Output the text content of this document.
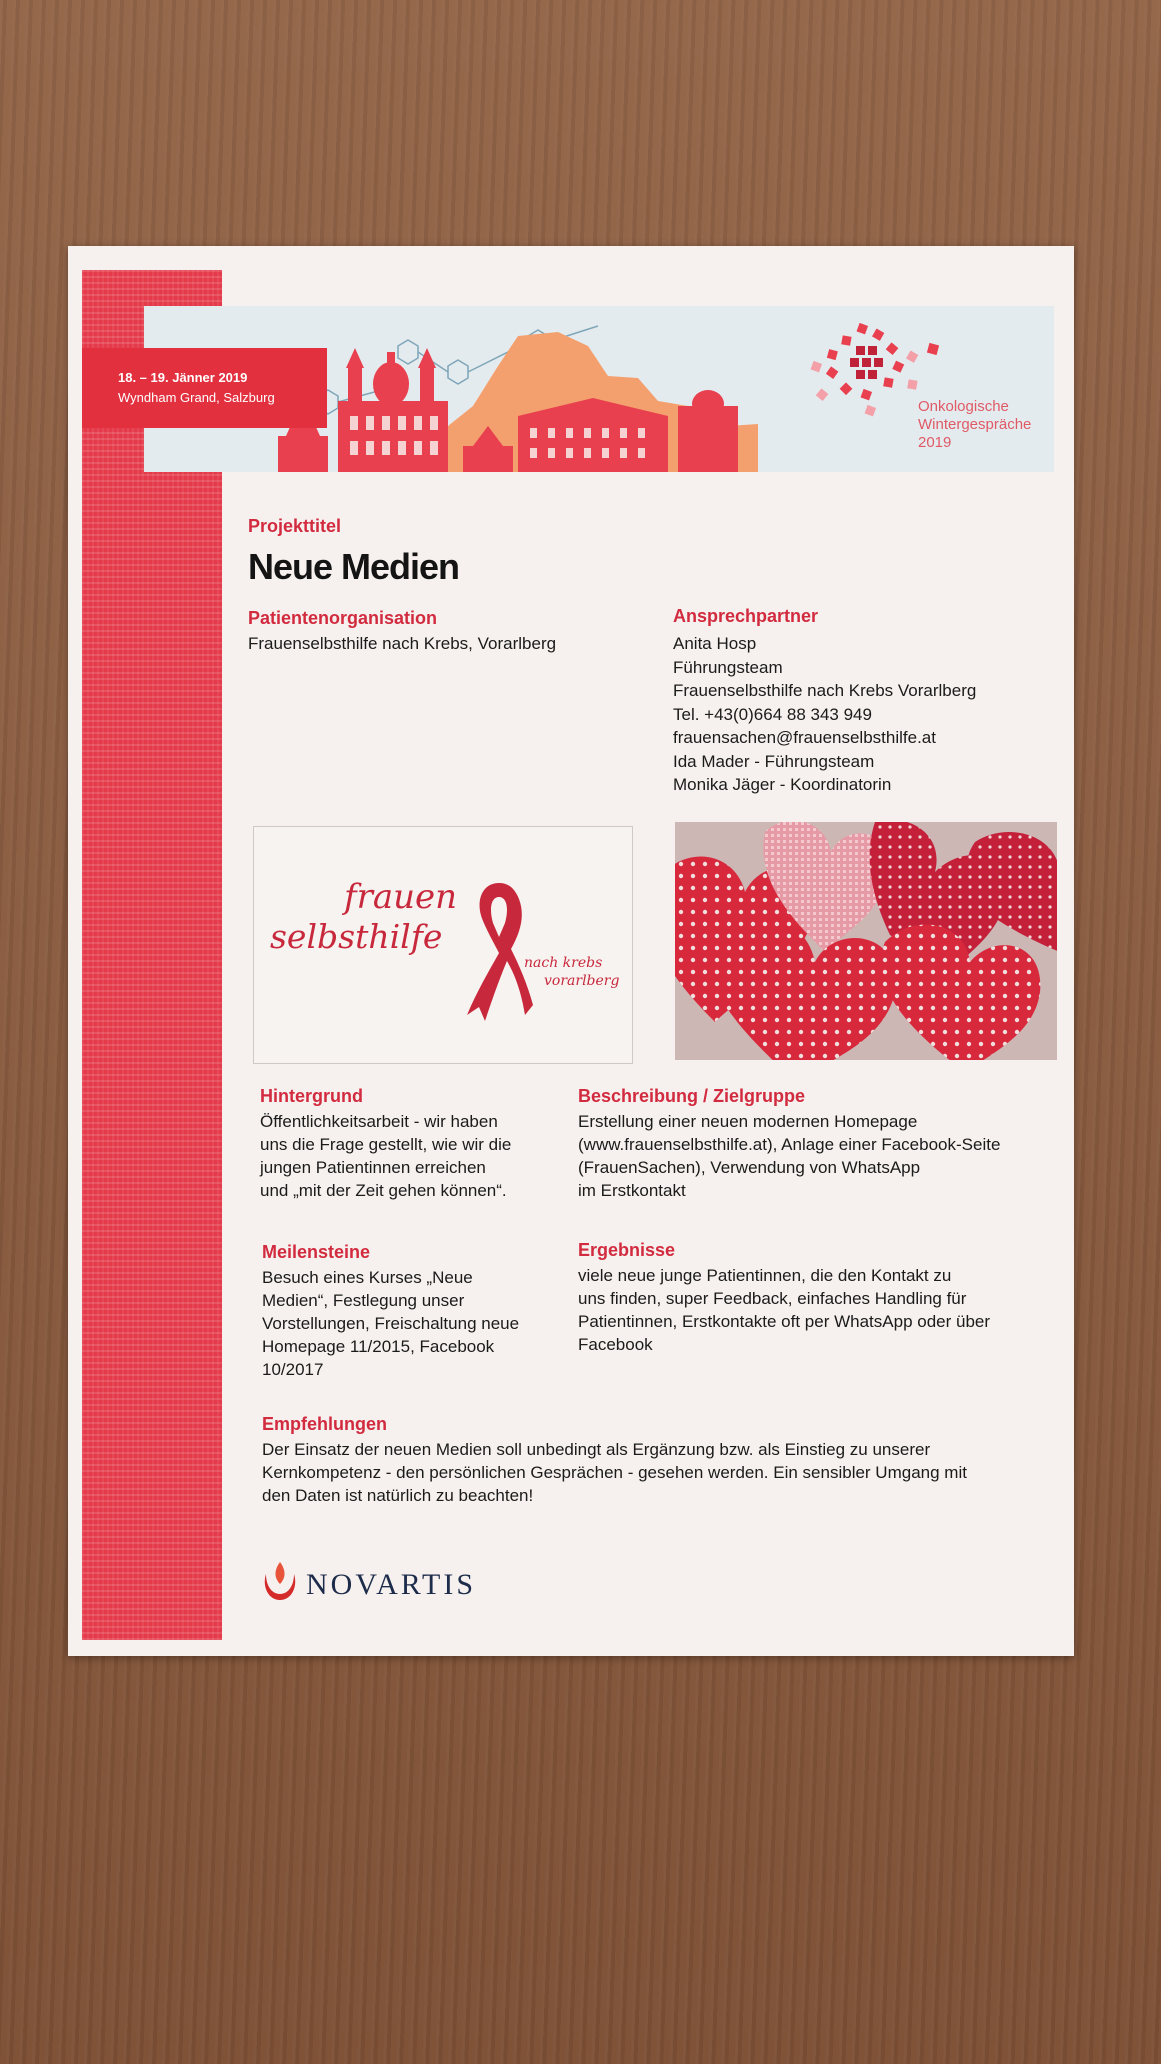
18. – 19. Jänner 2019
Wyndham Grand, Salzburg
Onkologische
Wintergespräche
2019
Projekttitel
Neue Medien
Patientenorganisation
Frauenselbsthilfe nach Krebs, Vorarlberg
Ansprechpartner
Anita Hosp
Führungsteam
Frauenselbsthilfe nach Krebs Vorarlberg
Tel. +43(0)664 88 343 949
frauensachen@frauenselbsthilfe.at
Ida Mader - Führungsteam
Monika Jäger - Koordinatorin
frauen
selbsthilfe
nach krebs
vorarlberg
Hintergrund
Öffentlichkeitsarbeit - wir haben
uns die Frage gestellt, wie wir die
jungen Patientinnen erreichen
und „mit der Zeit gehen können“.
Beschreibung / Zielgruppe
Erstellung einer neuen modernen Homepage
(www.frauenselbsthilfe.at), Anlage einer Facebook-Seite
(FrauenSachen), Verwendung von WhatsApp
im Erstkontakt
Meilensteine
Besuch eines Kurses „Neue
Medien“, Festlegung unser
Vorstellungen, Freischaltung neue
Homepage 11/2015, Facebook
10/2017
Ergebnisse
viele neue junge Patientinnen, die den Kontakt zu
uns finden, super Feedback, einfaches Handling für
Patientinnen, Erstkontakte oft per WhatsApp oder über
Facebook
Empfehlungen
Der Einsatz der neuen Medien soll unbedingt als Ergänzung bzw. als Einstieg zu unserer
Kernkompetenz - den persönlichen Gesprächen - gesehen werden. Ein sensibler Umgang mit
den Daten ist natürlich zu beachten!
NOVARTIS
